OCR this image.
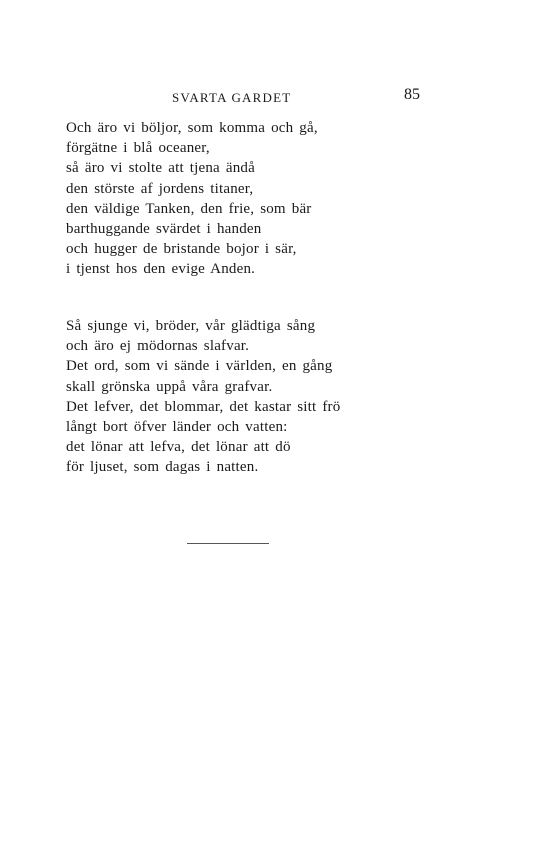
SVARTA GARDET	85
Och äro vi böljor, som komma och gå,
förgätne i blå oceaner,
så äro vi stolte att tjena ändå
den störste af jordens titaner,
den väldige Tanken, den frie, som bär
barthuggande svärdet i handen
och hugger de bristande bojor i sär,
i tjenst hos den evige Anden.
Så sjunge vi, bröder, vår glädtiga sång
och äro ej mödornas slafvar.
Det ord, som vi sände i världen, en gång
skall grönska uppå våra grafvar.
Det lefver, det blommar, det kastar sitt frö
långt bort öfver länder och vatten:
det lönar att lefva, det lönar att dö
för ljuset, som dagas i natten.
